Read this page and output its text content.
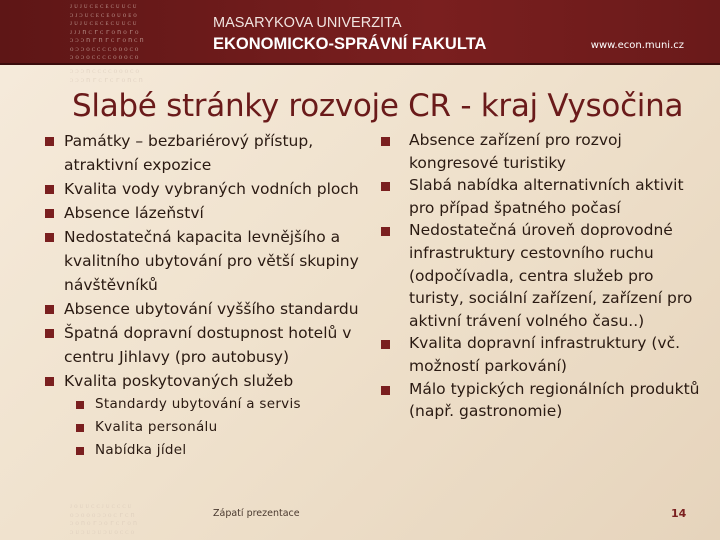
ᴊᴜᴊᴜᴄᴇᴄᴇᴄᴜᴜᴄᴜ
ᴐᴊᴐᴜᴄᴇᴄᴇᴏᴜᴏᴇᴏ
ᴊᴜᴊᴜᴄᴇᴄᴇᴄᴜᴜᴄᴜ
ᴊᴊᴊnᴄrᴄrᴏnᴏrᴏ
ᴐᴐᴐnrnrᴄrᴏnᴄn
ᴏᴐᴐᴏᴄᴄᴄᴄᴏᴏᴏᴄᴏ
ᴐᴏᴐᴏᴄᴄᴄᴄᴏᴏᴏᴄᴏ
MASARYKOVA UNIVERZITA
EKONOMICKO-SPRÁVNÍ FAKULTA	www.econ.muni.cz
ᴐᴐᴐnᴄᴄᴄᴄᴏᴏᴏᴄᴏ
ᴐᴐᴐnrᴄrᴄrᴏnᴄn
Slabé stránky rozvoje CR - kraj Vysočina
Památky – bezbariérový přístup, atraktivní expozice
Kvalita vody vybraných vodních ploch
Absence lázeňství
Nedostatečná kapacita levnějšího a kvalitního ubytování pro větší skupiny návštěvníků
Absence ubytování vyššího standardu
Špatná dopravní dostupnost hotelů v centru Jihlavy (pro autobusy)
Kvalita poskytovaných služeb
Standardy ubytování a servis
Kvalita personálu
Nabídka jídel
Absence zařízení pro rozvoj kongresové turistiky
Slabá nabídka alternativních aktivit pro případ špatného počasí
Nedostatečná úroveň doprovodné infrastruktury cestovního ruchu (odpočívadla, centra služeb pro turisty, sociální zařízení, zařízení pro aktivní trávení volného času..)
Kvalita dopravní infrastruktury (vč. možností parkování)
Málo typických regionálních produktů (např. gastronomie)
ᴊᴏᴜᴜᴄᴄᴊᴜᴄᴄᴄᴜ
ᴏᴐᴏᴏᴏᴐᴐᴏᴄrᴄn
ᴐᴏnᴏrᴐᴏrᴄrᴏn
ᴐᴜᴐᴜᴐᴜᴐᴜᴏᴄᴄᴏ
Zápatí prezentace	14
